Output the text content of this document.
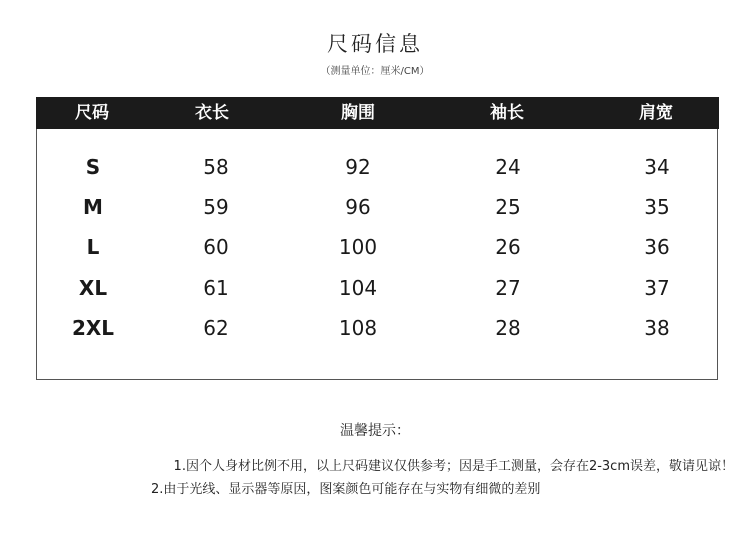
尺码信息
（测量单位：厘米/CM）
尺码	衣长	胸围	袖长	肩宽
S	58	92	24	34
M	59	96	25	35
L	60	100	26	36
XL	61	104	27	37
2XL	62	108	28	38
温馨提示：
1.因个人身材比例不用，以上尺码建议仅供参考；因是手工测量，会存在2-3cm误差，敬请见谅！
2.由于光线、显示器等原因，图案颜色可能存在与实物有细微的差别
